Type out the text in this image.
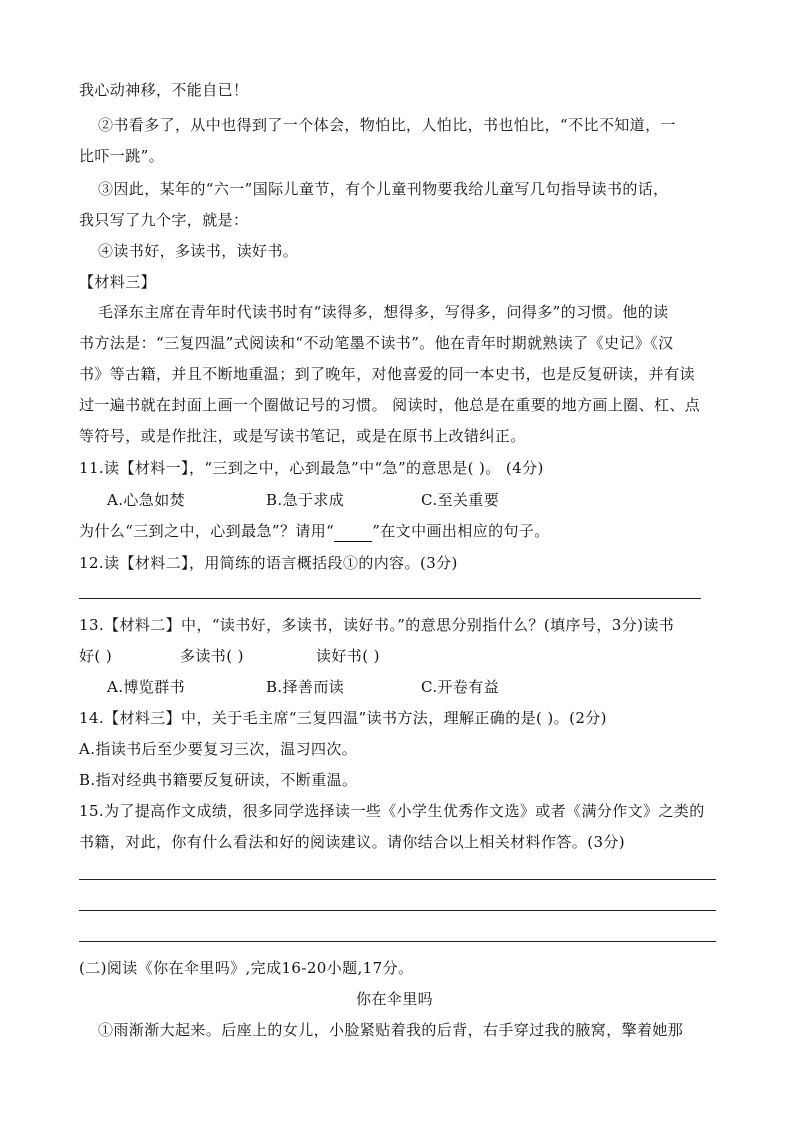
我心动神移，不能自已！
②书看多了，从中也得到了一个体会，物怕比，人怕比，书也怕比，“不比不知道，一
比吓一跳”。
③因此，某年的“六一”国际儿童节，有个儿童刊物要我给儿童写几句指导读书的话，
我只写了九个字，就是：
④读书好，多读书，读好书。
【材料三】
毛泽东主席在青年时代读书时有“读得多，想得多，写得多，问得多”的习惯。他的读
书方法是：“三复四温”式阅读和“不动笔墨不读书”。他在青年时期就熟读了《史记》《汉
书》等古籍，并且不断地重温；到了晚年，对他喜爱的同一本史书，也是反复研读，并有读
过一遍书就在封面上画一个圈做记号的习惯。 阅读时，他总是在重要的地方画上圈、杠、点
等符号，或是作批注，或是写读书笔记，或是在原书上改错纠正。
11.读【材料一】，“三到之中，心到最急”中“急”的意思是( )。 (4分)
A.心急如焚	B.急于求成	C.至关重要
为什么“三到之中，心到最急”？请用“	”在文中画出相应的句子。
12.读【材料二】，用简练的语言概括段①的内容。(3分)
13.【材料二】中，“读书好，多读书，读好书。”的意思分别指什么？(填序号，3分)读书
好( )	多读书( )	读好书( )
A.博览群书	B.择善而读	C.开卷有益
14.【材料三】中，关于毛主席“三复四温”读书方法，理解正确的是( )。(2分)
A.指读书后至少要复习三次，温习四次。
B.指对经典书籍要反复研读，不断重温。
15.为了提高作文成绩，很多同学选择读一些《小学生优秀作文选》或者《满分作文》之类的
书籍，对此，你有什么看法和好的阅读建议。请你结合以上相关材料作答。(3分)
(二)阅读《你在伞里吗》,完成16-20小题,17分。
你在伞里吗
①雨渐渐大起来。后座上的女儿，小脸紧贴着我的后背，右手穿过我的腋窝，擎着她那
